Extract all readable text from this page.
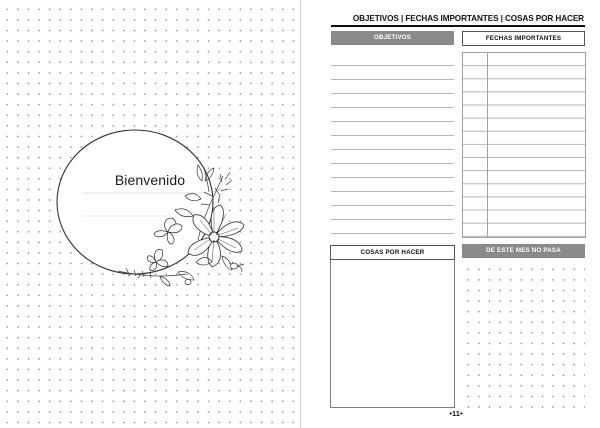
Bienvenido
OBJETIVOS | FECHAS IMPORTANTES | COSAS POR HACER
OBJETIVOS	FECHAS IMPORTANTES
COSAS POR HACER	DE ESTE MES NO PASA
•11•
